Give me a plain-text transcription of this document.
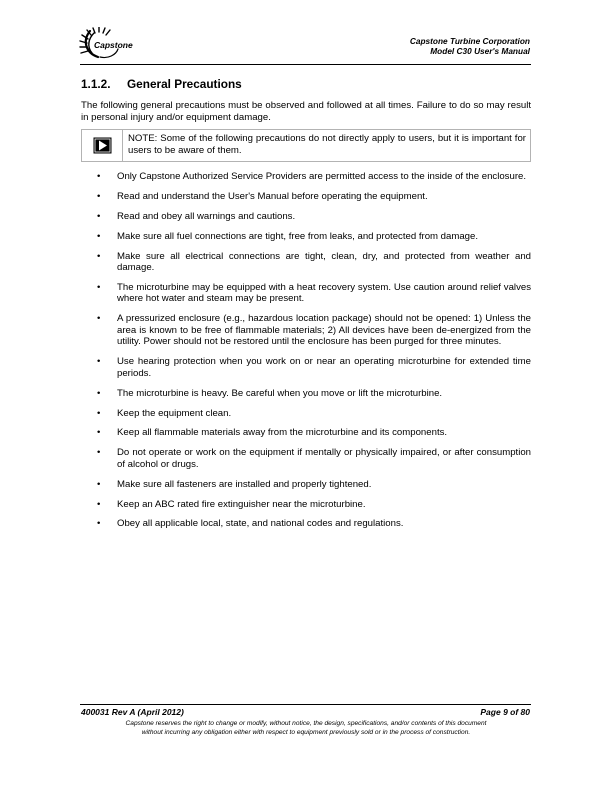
Capstone	Capstone Turbine Corporation
Model C30 User's Manual
1.1.2. General Precautions

The following general precautions must be observed and followed at all times. Failure to do so may result in personal injury and/or equipment damage.

NOTE: Some of the following precautions do not directly apply to users, but it is important for users to be aware of them.
• Only Capstone Authorized Service Providers are permitted access to the inside of the enclosure.
• Read and understand the User's Manual before operating the equipment.
• Read and obey all warnings and cautions.
• Make sure all fuel connections are tight, free from leaks, and protected from damage.
• Make sure all electrical connections are tight, clean, dry, and protected from weather and damage.
• The microturbine may be equipped with a heat recovery system. Use caution around relief valves where hot water and steam may be present.
• A pressurized enclosure (e.g., hazardous location package) should not be opened: 1) Unless the area is known to be free of flammable materials; 2) All devices have been de-energized from the utility. Power should not be restored until the enclosure has been purged for three minutes.
• Use hearing protection when you work on or near an operating microturbine for extended time periods.
• The microturbine is heavy. Be careful when you move or lift the microturbine.
• Keep the equipment clean.
• Keep all flammable materials away from the microturbine and its components.
• Do not operate or work on the equipment if mentally or physically impaired, or after consumption of alcohol or drugs.
• Make sure all fasteners are installed and properly tightened.
• Keep an ABC rated fire extinguisher near the microturbine.
• Obey all applicable local, state, and national codes and regulations.
400031 Rev A (April 2012)	Page 9 of 80
Capstone reserves the right to change or modify, without notice, the design, specifications, and/or contents of this document
without incurring any obligation either with respect to equipment previously sold or in the process of construction.
